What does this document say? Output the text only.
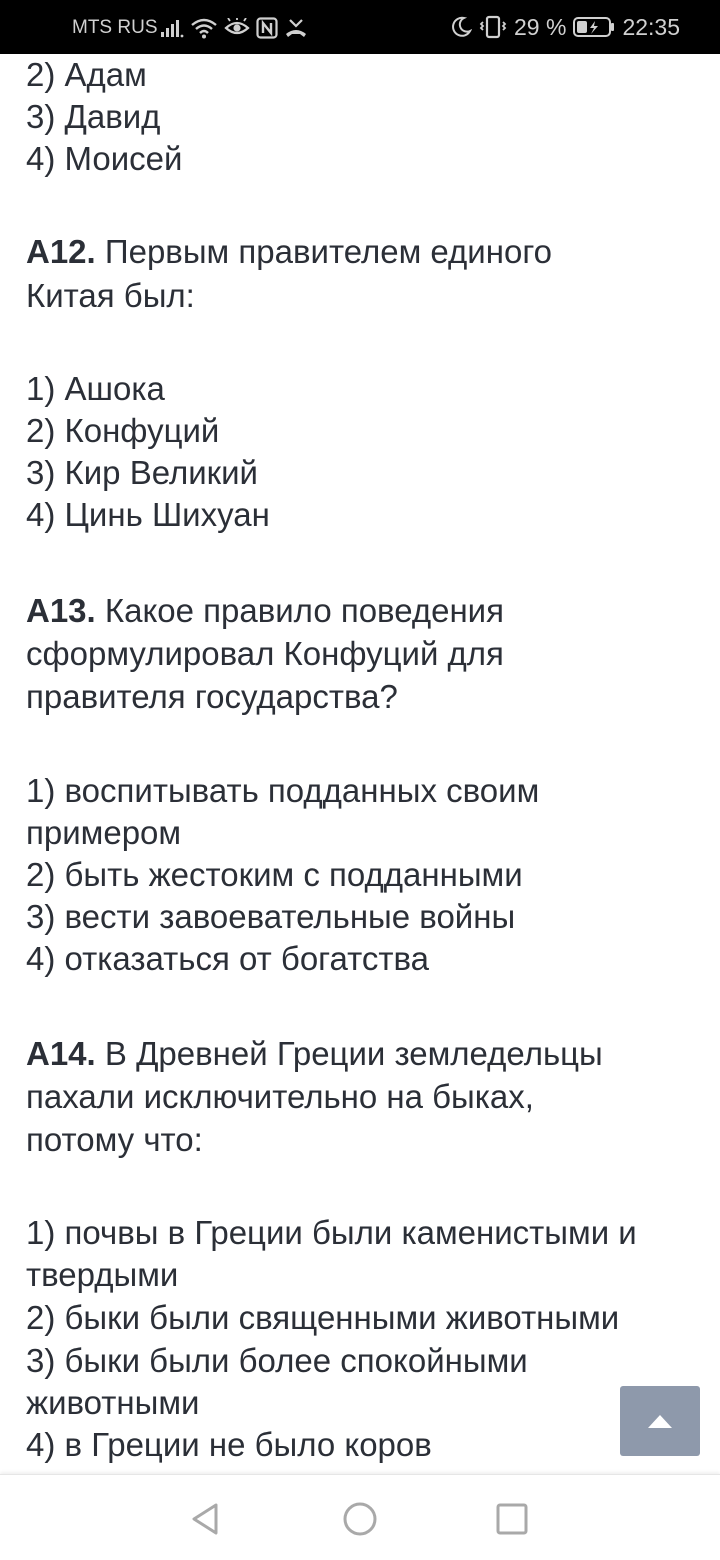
MTS RUS	29 % 22:35
2) Адам
3) Давид
4) Моисей
A12. Первым правителем единого
Китая был:
1) Ашока
2) Конфуций
3) Кир Великий
4) Цинь Шихуан
A13. Какое правило поведения
сформулировал Конфуций для
правителя государства?
1) воспитывать подданных своим
примером
2) быть жестоким с подданными
3) вести завоевательные войны
4) отказаться от богатства
A14. В Древней Греции земледельцы
пахали исключительно на быках,
потому что:
1) почвы в Греции были каменистыми и
твердыми
2) быки были священными животными
3) быки были более спокойными
животными
4) в Греции не было коров
